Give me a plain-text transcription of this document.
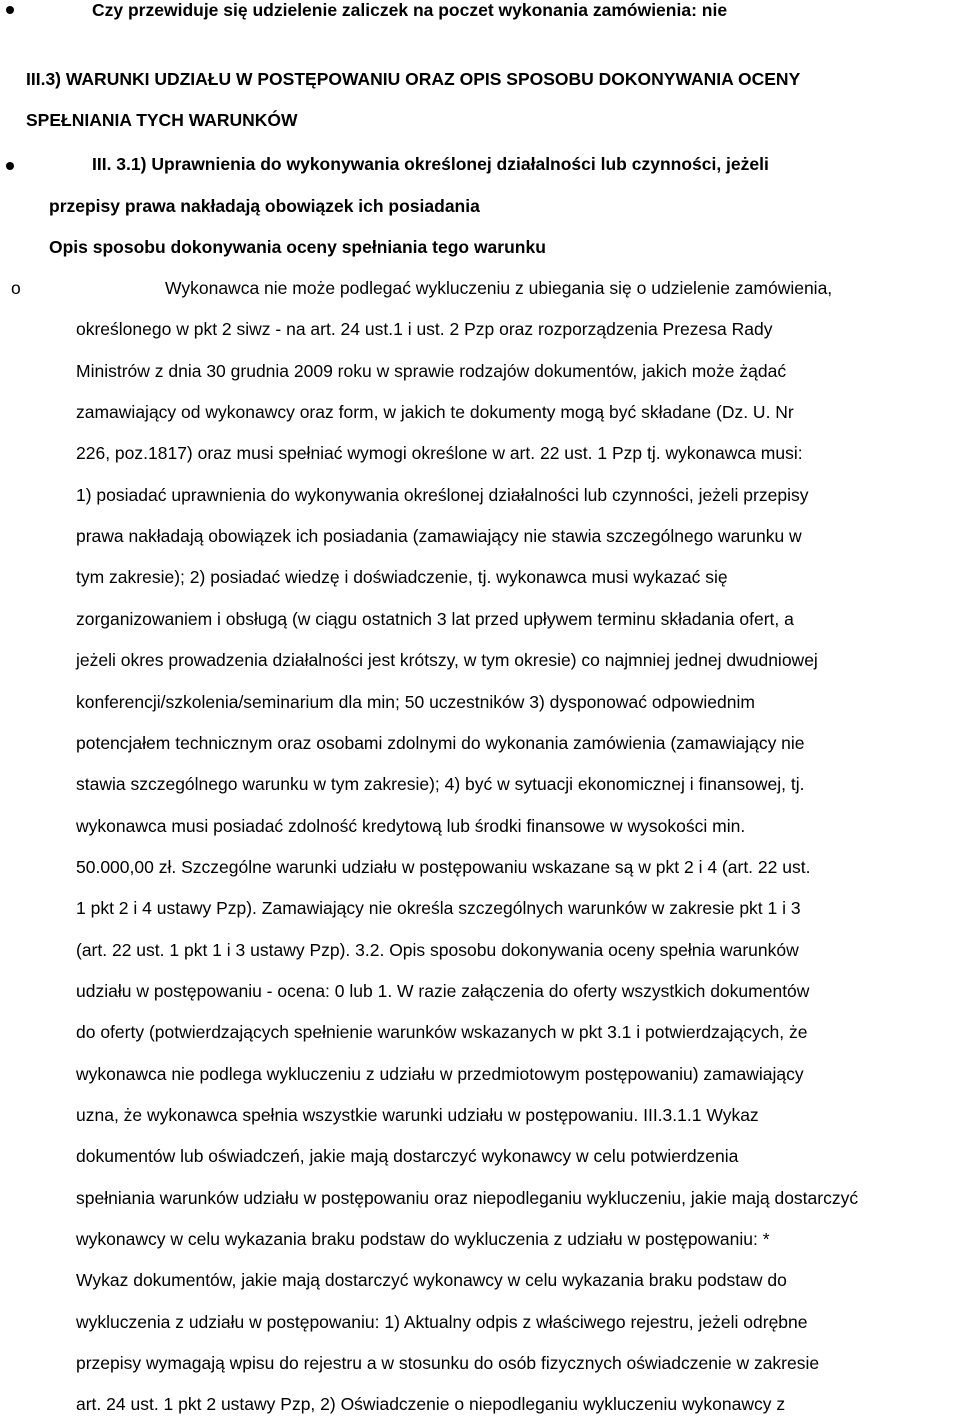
Czy przewiduje się udzielenie zaliczek na poczet wykonania zamówienia: nie
III.3) WARUNKI UDZIAŁU W POSTĘPOWANIU ORAZ OPIS SPOSOBU DOKONYWANIA OCENY
SPEŁNIANIA TYCH WARUNKÓW
III. 3.1) Uprawnienia do wykonywania określonej działalności lub czynności, jeżeli
przepisy prawa nakładają obowiązek ich posiadania
Opis sposobu dokonywania oceny spełniania tego warunku
o	Wykonawca nie może podlegać wykluczeniu z ubiegania się o udzielenie zamówienia,
określonego w pkt 2 siwz - na art. 24 ust.1 i ust. 2 Pzp oraz rozporządzenia Prezesa Rady
Ministrów z dnia 30 grudnia 2009 roku w sprawie rodzajów dokumentów, jakich może żądać
zamawiający od wykonawcy oraz form, w jakich te dokumenty mogą być składane (Dz. U. Nr
226, poz.1817) oraz musi spełniać wymogi określone w art. 22 ust. 1 Pzp tj. wykonawca musi:
1) posiadać uprawnienia do wykonywania określonej działalności lub czynności, jeżeli przepisy
prawa nakładają obowiązek ich posiadania (zamawiający nie stawia szczególnego warunku w
tym zakresie); 2) posiadać wiedzę i doświadczenie, tj. wykonawca musi wykazać się
zorganizowaniem i obsługą (w ciągu ostatnich 3 lat przed upływem terminu składania ofert, a
jeżeli okres prowadzenia działalności jest krótszy, w tym okresie) co najmniej jednej dwudniowej
konferencji/szkolenia/seminarium dla min; 50 uczestników 3) dysponować odpowiednim
potencjałem technicznym oraz osobami zdolnymi do wykonania zamówienia (zamawiający nie
stawia szczególnego warunku w tym zakresie); 4) być w sytuacji ekonomicznej i finansowej, tj.
wykonawca musi posiadać zdolność kredytową lub środki finansowe w wysokości min.
50.000,00 zł. Szczególne warunki udziału w postępowaniu wskazane są w pkt 2 i 4 (art. 22 ust.
1 pkt 2 i 4 ustawy Pzp). Zamawiający nie określa szczególnych warunków w zakresie pkt 1 i 3
(art. 22 ust. 1 pkt 1 i 3 ustawy Pzp). 3.2. Opis sposobu dokonywania oceny spełnia warunków
udziału w postępowaniu - ocena: 0 lub 1. W razie załączenia do oferty wszystkich dokumentów
do oferty (potwierdzających spełnienie warunków wskazanych w pkt 3.1 i potwierdzających, że
wykonawca nie podlega wykluczeniu z udziału w przedmiotowym postępowaniu) zamawiający
uzna, że wykonawca spełnia wszystkie warunki udziału w postępowaniu. III.3.1.1 Wykaz
dokumentów lub oświadczeń, jakie mają dostarczyć wykonawcy w celu potwierdzenia
spełniania warunków udziału w postępowaniu oraz niepodleganiu wykluczeniu, jakie mają dostarczyć
wykonawcy w celu wykazania braku podstaw do wykluczenia z udziału w postępowaniu: *
Wykaz dokumentów, jakie mają dostarczyć wykonawcy w celu wykazania braku podstaw do
wykluczenia z udziału w postępowaniu: 1) Aktualny odpis z właściwego rejestru, jeżeli odrębne
przepisy wymagają wpisu do rejestru a w stosunku do osób fizycznych oświadczenie w zakresie
art. 24 ust. 1 pkt 2 ustawy Pzp, 2) Oświadczenie o niepodleganiu wykluczeniu wykonawcy z
